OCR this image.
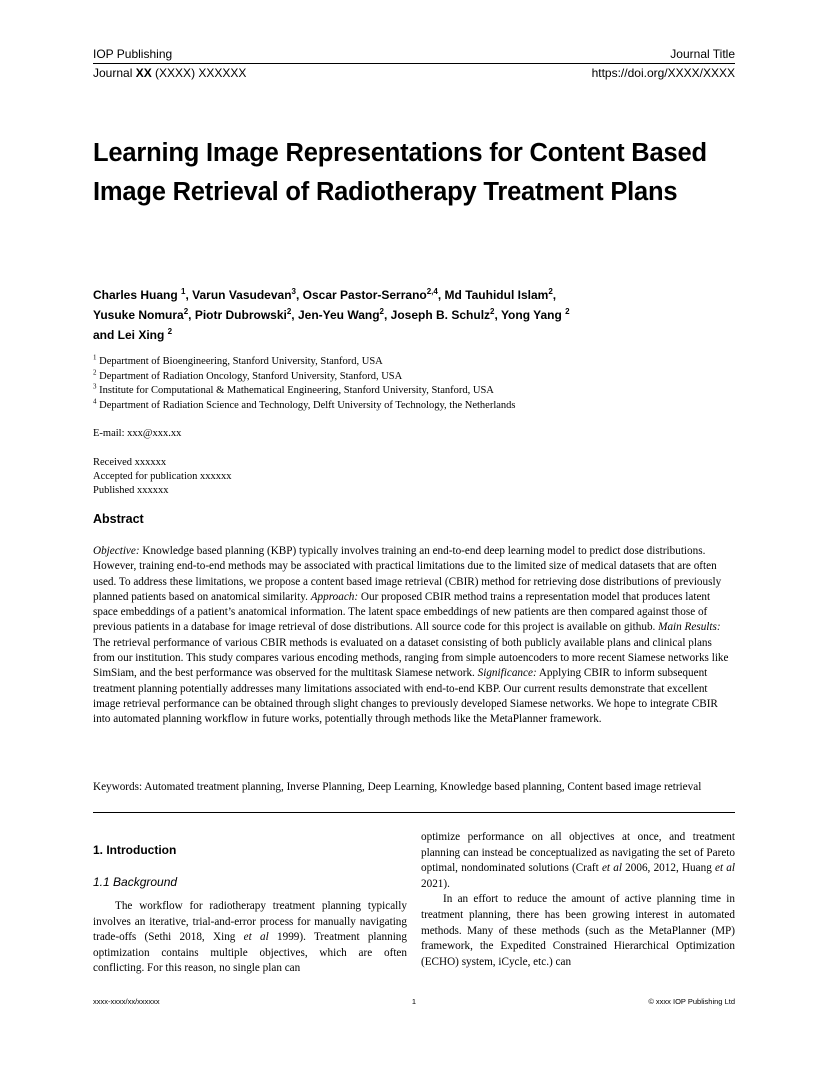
IOP Publishing	Journal Title
Journal XX (XXXX) XXXXXX	https://doi.org/XXXX/XXXX
Learning Image Representations for Content Based Image Retrieval of Radiotherapy Treatment Plans
Charles Huang $^1$, Varun Vasudevan$^3$, Oscar Pastor-Serrano$^{2,4}$, Md Tauhidul Islam$^2$,
Yusuke Nomura$^2$, Piotr Dubrowski$^2$, Jen-Yeu Wang$^2$, Joseph B. Schulz$^2$, Yong Yang $^2$
and Lei Xing $^2$
$^1$ Department of Bioengineering, Stanford University, Stanford, USA
$^2$ Department of Radiation Oncology, Stanford University, Stanford, USA
$^3$ Institute for Computational & Mathematical Engineering, Stanford University, Stanford, USA
$^4$ Department of Radiation Science and Technology, Delft University of Technology, the Netherlands
E-mail: xxx@xxx.xx
Received xxxxxx
Accepted for publication xxxxxx
Published xxxxxx
Abstract
Objective: Knowledge based planning (KBP) typically involves training an end-to-end deep learning model to predict dose distributions. However, training end-to-end methods may be associated with practical limitations due to the limited size of medical datasets that are often used. To address these limitations, we propose a content based image retrieval (CBIR) method for retrieving dose distributions of previously planned patients based on anatomical similarity. Approach: Our proposed CBIR method trains a representation model that produces latent space embeddings of a patient’s anatomical information. The latent space embeddings of new patients are then compared against those of previous patients in a database for image retrieval of dose distributions. All source code for this project is available on github. Main Results: The retrieval performance of various CBIR methods is evaluated on a dataset consisting of both publicly available plans and clinical plans from our institution. This study compares various encoding methods, ranging from simple autoencoders to more recent Siamese networks like SimSiam, and the best performance was observed for the multitask Siamese network. Significance: Applying CBIR to inform subsequent treatment planning potentially addresses many limitations associated with end-to-end KBP. Our current results demonstrate that excellent image retrieval performance can be obtained through slight changes to previously developed Siamese networks. We hope to integrate CBIR into automated planning workflow in future works, potentially through methods like the MetaPlanner framework.
Keywords: Automated treatment planning, Inverse Planning, Deep Learning, Knowledge based planning, Content based image retrieval
1. Introduction
1.1 Background
The workflow for radiotherapy treatment planning typically involves an iterative, trial-and-error process for manually navigating trade-offs (Sethi 2018, Xing et al 1999). Treatment planning optimization contains multiple objectives, which are often conflicting. For this reason, no single plan can
optimize performance on all objectives at once, and treatment planning can instead be conceptualized as navigating the set of Pareto optimal, nondominated solutions (Craft et al 2006, 2012, Huang et al 2021).
In an effort to reduce the amount of active planning time in treatment planning, there has been growing interest in automated methods. Many of these methods (such as the MetaPlanner (MP) framework, the Expedited Constrained Hierarchical Optimization (ECHO) system, iCycle, etc.) can
xxxx-xxxx/xx/xxxxxx	1	© xxxx IOP Publishing Ltd
